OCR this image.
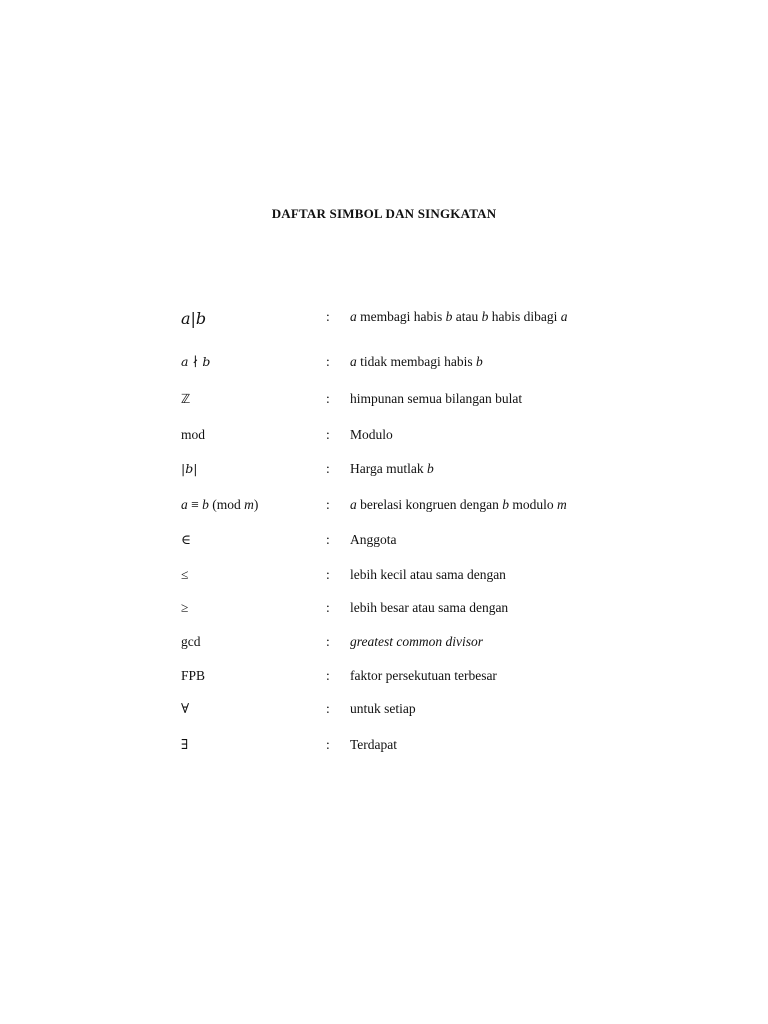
DAFTAR SIMBOL DAN SINGKATAN
a|b	: a membagi habis b atau b habis dibagi a
a ∤ b	: a tidak membagi habis b
ℤ	: himpunan semua bilangan bulat
mod	: Modulo
|b|	: Harga mutlak b
a ≡ b (mod m)	: a berelasi kongruen dengan b modulo m
∈	: Anggota
≤	: lebih kecil atau sama dengan
≥	: lebih besar atau sama dengan
gcd	: greatest common divisor
FPB	: faktor persekutuan terbesar
∀	: untuk setiap
∃	: Terdapat
